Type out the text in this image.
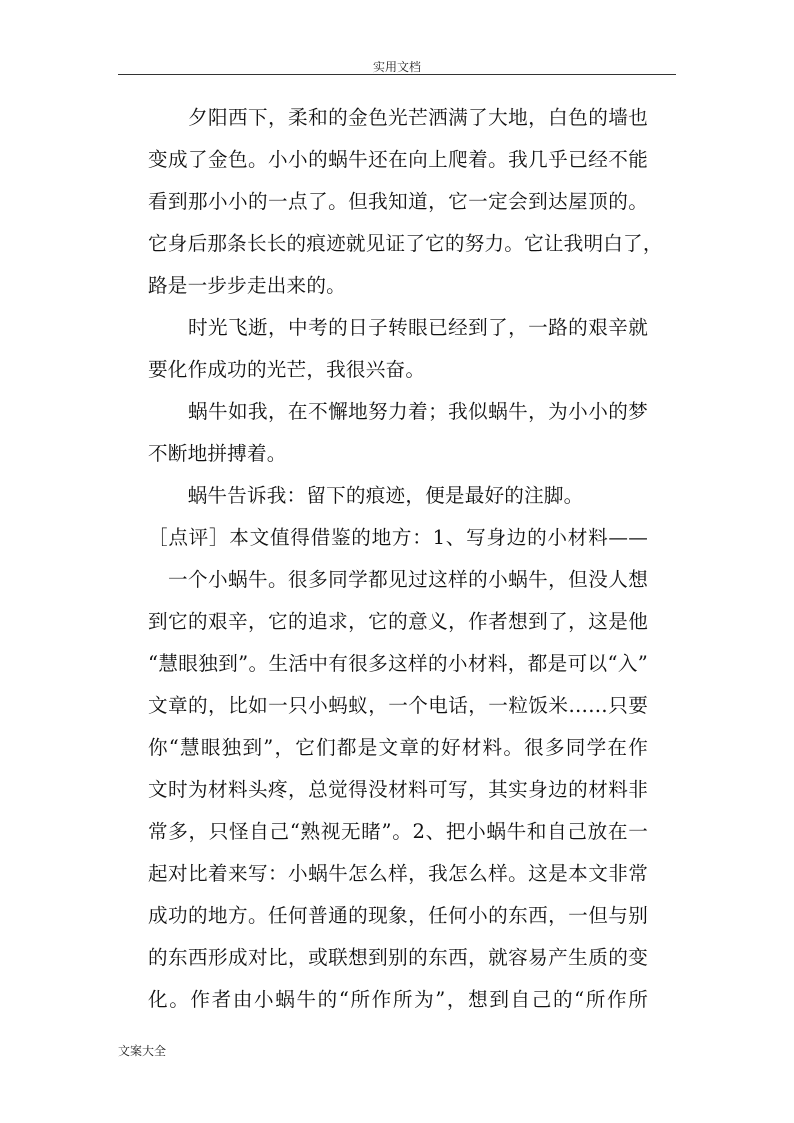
实用文档
　　夕阳西下，柔和的金色光芒洒满了大地，白色的墙也
变成了金色。小小的蜗牛还在向上爬着。我几乎已经不能
看到那小小的一点了。但我知道，它一定会到达屋顶的。
它身后那条长长的痕迹就见证了它的努力。它让我明白了，
路是一步步走出来的。
　　时光飞逝，中考的日子转眼已经到了，一路的艰辛就
要化作成功的光芒，我很兴奋。
　　蜗牛如我，在不懈地努力着；我似蜗牛，为小小的梦
不断地拼搏着。
　　蜗牛告诉我：留下的痕迹，便是最好的注脚。
［点评］本文值得借鉴的地方：1、写身边的小材料——
　一个小蜗牛。很多同学都见过这样的小蜗牛，但没人想
到它的艰辛，它的追求，它的意义，作者想到了，这是他
“慧眼独到”。生活中有很多这样的小材料，都是可以“入”
文章的，比如一只小蚂蚁，一个电话，一粒饭米……只要
你“慧眼独到”，它们都是文章的好材料。很多同学在作
文时为材料头疼，总觉得没材料可写，其实身边的材料非
常多，只怪自己“熟视无睹”。2、把小蜗牛和自己放在一
起对比着来写：小蜗牛怎么样，我怎么样。这是本文非常
成功的地方。任何普通的现象，任何小的东西，一但与别
的东西形成对比，或联想到别的东西，就容易产生质的变
化。作者由小蜗牛的“所作所为”，想到自己的“所作所
文案大全
